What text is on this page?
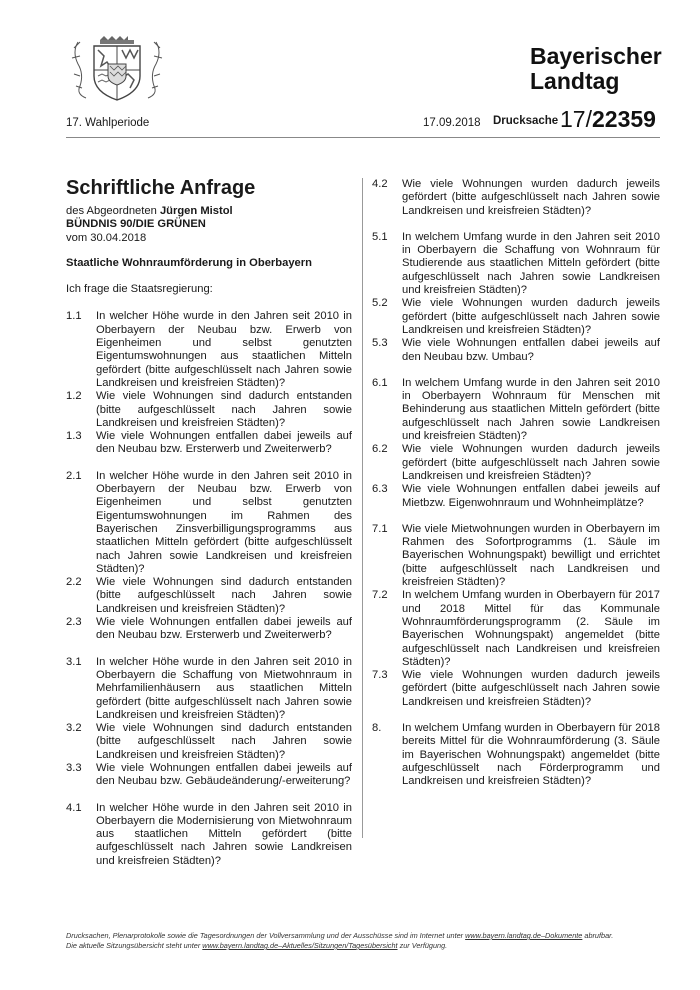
Bayerischer
Landtag
17. Wahlperiode	17.09.2018 Drucksache 17/22359
Schriftliche Anfrage

des Abgeordneten Jürgen Mistol

BÜNDNIS 90/DIE GRÜNEN

vom 30.04.2018

Staatliche Wohnraumförderung in Oberbayern

Ich frage die Staatsregierung:

1.1	In welcher Höhe wurde in den Jahren seit 2010 in Oberbayern der Neubau bzw. Erwerb von Eigenheimen und selbst genutzten Eigentumswohnungen aus staatlichen Mitteln gefördert (bitte aufgeschlüsselt nach Jahren sowie Landkreisen und kreisfreien Städten)?
1.2	Wie viele Wohnungen sind dadurch entstanden (bitte aufgeschlüsselt nach Jahren sowie Landkreisen und kreisfreien Städten)?
1.3	Wie viele Wohnungen entfallen dabei jeweils auf den Neubau bzw. Ersterwerb und Zweiterwerb?
2.1	In welcher Höhe wurde in den Jahren seit 2010 in Oberbayern der Neubau bzw. Erwerb von Eigenheimen und selbst genutzten Eigentumswohnungen im Rahmen des Bayerischen Zinsverbilligungsprogramms aus staatlichen Mitteln gefördert (bitte aufgeschlüsselt nach Jahren sowie Landkreisen und kreisfreien Städten)?
2.2	Wie viele Wohnungen sind dadurch entstanden (bitte aufgeschlüsselt nach Jahren sowie Landkreisen und kreisfreien Städten)?
2.3	Wie viele Wohnungen entfallen dabei jeweils auf den Neubau bzw. Ersterwerb und Zweiterwerb?
3.1	In welcher Höhe wurde in den Jahren seit 2010 in Oberbayern die Schaffung von Mietwohnraum in Mehrfamilienhäusern aus staatlichen Mitteln gefördert (bitte aufgeschlüsselt nach Jahren sowie Landkreisen und kreisfreien Städten)?
3.2	Wie viele Wohnungen sind dadurch entstanden (bitte aufgeschlüsselt nach Jahren sowie Landkreisen und kreisfreien Städten)?
3.3	Wie viele Wohnungen entfallen dabei jeweils auf den Neubau bzw. Gebäudeänderung/-erweiterung?
4.1	In welcher Höhe wurde in den Jahren seit 2010 in Oberbayern die Modernisierung von Mietwohnraum aus staatlichen Mitteln gefördert (bitte aufgeschlüsselt nach Jahren sowie Landkreisen und kreisfreien Städten)?
4.2	Wie viele Wohnungen wurden dadurch jeweils gefördert (bitte aufgeschlüsselt nach Jahren sowie Landkreisen und kreisfreien Städten)?
5.1	In welchem Umfang wurde in den Jahren seit 2010 in Oberbayern die Schaffung von Wohnraum für Studierende aus staatlichen Mitteln gefördert (bitte aufgeschlüsselt nach Jahren sowie Landkreisen und kreisfreien Städten)?
5.2	Wie viele Wohnungen wurden dadurch jeweils gefördert (bitte aufgeschlüsselt nach Jahren sowie Landkreisen und kreisfreien Städten)?
5.3	Wie viele Wohnungen entfallen dabei jeweils auf den Neubau bzw. Umbau?
6.1	In welchem Umfang wurde in den Jahren seit 2010 in Oberbayern Wohnraum für Menschen mit Behinderung aus staatlichen Mitteln gefördert (bitte aufgeschlüsselt nach Jahren sowie Landkreisen und kreisfreien Städten)?
6.2	Wie viele Wohnungen wurden dadurch jeweils gefördert (bitte aufgeschlüsselt nach Jahren sowie Landkreisen und kreisfreien Städten)?
6.3	Wie viele Wohnungen entfallen dabei jeweils auf Mietbzw. Eigenwohnraum und Wohnheimplätze?
7.1	Wie viele Mietwohnungen wurden in Oberbayern im Rahmen des Sofortprogramms (1. Säule im Bayerischen Wohnungspakt) bewilligt und errichtet (bitte aufgeschlüsselt nach Landkreisen und kreisfreien Städten)?
7.2	In welchem Umfang wurden in Oberbayern für 2017 und 2018 Mittel für das Kommunale Wohnraumförderungsprogramm (2. Säule im Bayerischen Wohnungspakt) angemeldet (bitte aufgeschlüsselt nach Landkreisen und kreisfreien Städten)?
7.3	Wie viele Wohnungen wurden dadurch jeweils gefördert (bitte aufgeschlüsselt nach Jahren sowie Landkreisen und kreisfreien Städten)?
8.	In welchem Umfang wurden in Oberbayern für 2018 bereits Mittel für die Wohnraumförderung (3. Säule im Bayerischen Wohnungspakt) angemeldet (bitte aufgeschlüsselt nach Förderprogramm und Landkreisen und kreisfreien Städten)?
Drucksachen, Plenarprotokolle sowie die Tagesordnungen der Vollversammlung und der Ausschüsse sind im Internet unter www.bayern.landtag.de–Dokumente abrufbar.
Die aktuelle Sitzungsübersicht steht unter www.bayern.landtag.de–Aktuelles/Sitzungen/Tagesübersicht zur Verfügung.
